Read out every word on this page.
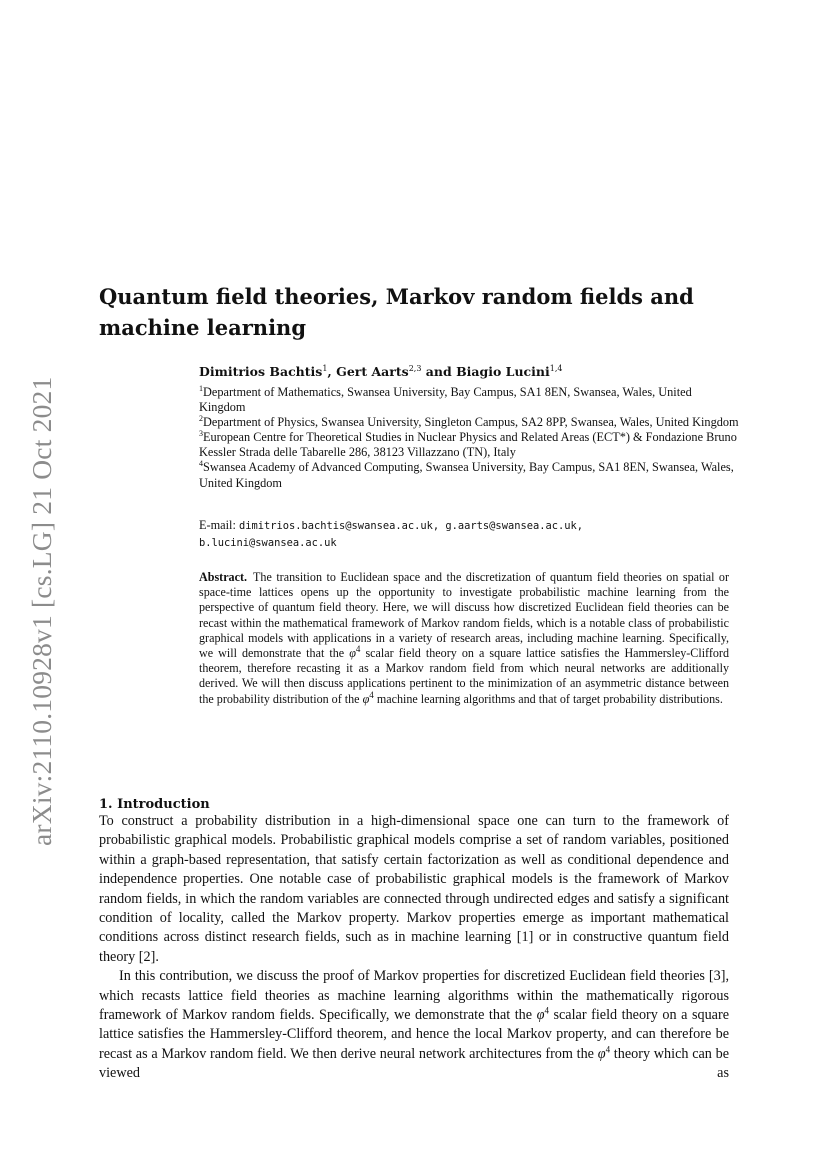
arXiv:2110.10928v1 [cs.LG] 21 Oct 2021
Quantum field theories, Markov random fields and machine learning
Dimitrios Bachtis$^1$, Gert Aarts$^{2,3}$ and Biagio Lucini$^{1,4}$
$^1$Department of Mathematics, Swansea University, Bay Campus, SA1 8EN, Swansea, Wales, United Kingdom
$^2$Department of Physics, Swansea University, Singleton Campus, SA2 8PP, Swansea, Wales, United Kingdom
$^3$European Centre for Theoretical Studies in Nuclear Physics and Related Areas (ECT*) & Fondazione Bruno Kessler Strada delle Tabarelle 286, 38123 Villazzano (TN), Italy
$^4$Swansea Academy of Advanced Computing, Swansea University, Bay Campus, SA1 8EN, Swansea, Wales, United Kingdom
E-mail: dimitrios.bachtis@swansea.ac.uk, g.aarts@swansea.ac.uk,
b.lucini@swansea.ac.uk

Abstract. The transition to Euclidean space and the discretization of quantum field theories on spatial or space-time lattices opens up the opportunity to investigate probabilistic machine learning from the perspective of quantum field theory. Here, we will discuss how discretized Euclidean field theories can be recast within the mathematical framework of Markov random fields, which is a notable class of probabilistic graphical models with applications in a variety of research areas, including machine learning. Specifically, we will demonstrate that the $\varphi^4$ scalar field theory on a square lattice satisfies the Hammersley-Clifford theorem, therefore recasting it as a Markov random field from which neural networks are additionally derived. We will then discuss applications pertinent to the minimization of an asymmetric distance between the probability distribution of the $\varphi^4$ machine learning algorithms and that of target probability distributions.

1. Introduction

To construct a probability distribution in a high-dimensional space one can turn to the framework of probabilistic graphical models. Probabilistic graphical models comprise a set of random variables, positioned within a graph-based representation, that satisfy certain factorization as well as conditional dependence and independence properties. One notable case of probabilistic graphical models is the framework of Markov random fields, in which the random variables are connected through undirected edges and satisfy a significant condition of locality, called the Markov property. Markov properties emerge as important mathematical conditions across distinct research fields, such as in machine learning [1] or in constructive quantum field theory [2].

In this contribution, we discuss the proof of Markov properties for discretized Euclidean field theories [3], which recasts lattice field theories as machine learning algorithms within the mathematically rigorous framework of Markov random fields. Specifically, we demonstrate that the $\varphi^4$ scalar field theory on a square lattice satisfies the Hammersley-Clifford theorem, and hence the local Markov property, and can therefore be recast as a Markov random field. We then derive neural network architectures from the $\varphi^4$ theory which can be viewed as
